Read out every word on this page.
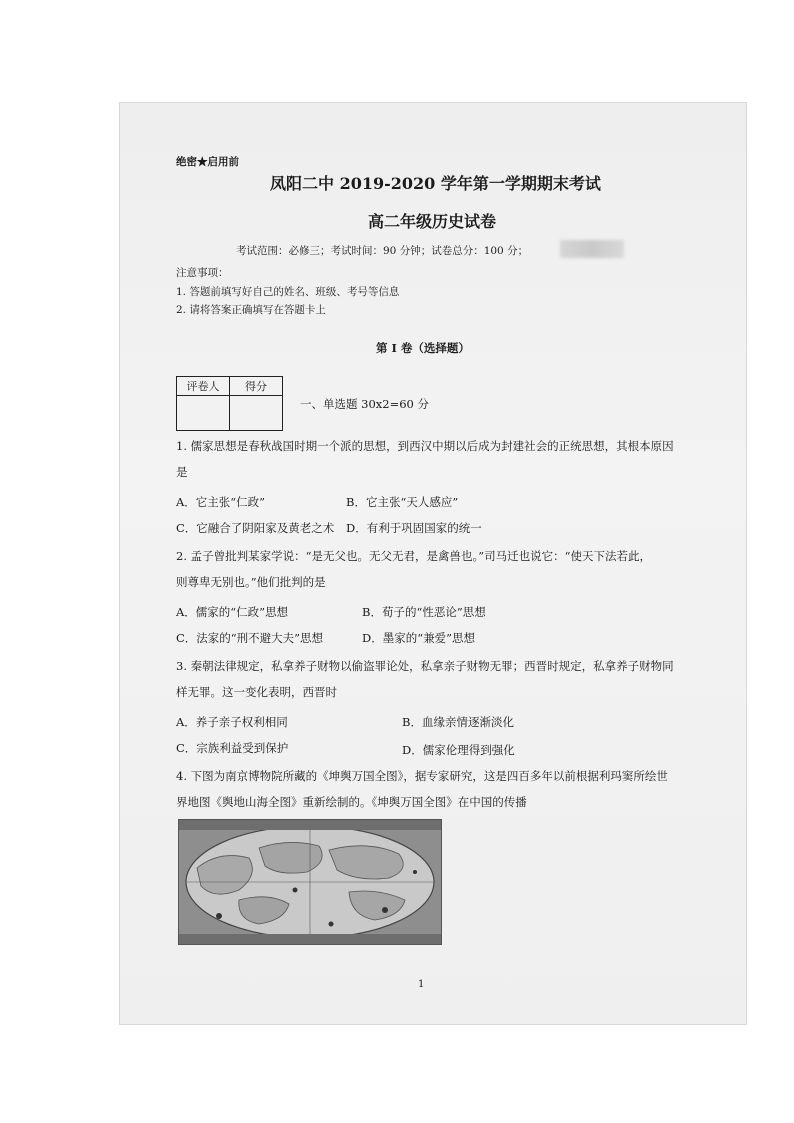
绝密★启用前
凤阳二中 2019-2020 学年第一学期期末考试
高二年级历史试卷
考试范围：必修三；考试时间：90 分钟；试卷总分：100 分；
注意事项：
1. 答题前填写好自己的姓名、班级、考号等信息
2. 请将答案正确填写在答题卡上
第 I 卷（选择题）
评卷人	得分

一、单选题 30x2=60 分
1. 儒家思想是春秋战国时期一个派的思想，到西汉中期以后成为封建社会的正统思想，其根本原因
是
A．它主张“仁政”	B．它主张“天人感应”
C．它融合了阴阳家及黄老之术 D．有利于巩固国家的统一
2. 孟子曾批判某家学说：“是无父也。无父无君，是禽兽也。”司马迁也说它：“使天下法若此，
则尊卑无别也。”他们批判的是
A．儒家的“仁政”思想	B．荀子的“性恶论”思想
C．法家的“刑不避大夫”思想	D．墨家的“兼爱”思想
3. 秦朝法律规定，私拿养子财物以偷盗罪论处，私拿亲子财物无罪；西晋时规定，私拿养子财物同
样无罪。这一变化表明，西晋时
A．养子亲子权利相同	B．血缘亲情逐渐淡化
C．宗族利益受到保护	D．儒家伦理得到强化
4. 下图为南京博物院所藏的《坤舆万国全图》，据专家研究，这是四百多年以前根据利玛窦所绘世
界地图《舆地山海全图》重新绘制的。《坤舆万国全图》在中国的传播
1
